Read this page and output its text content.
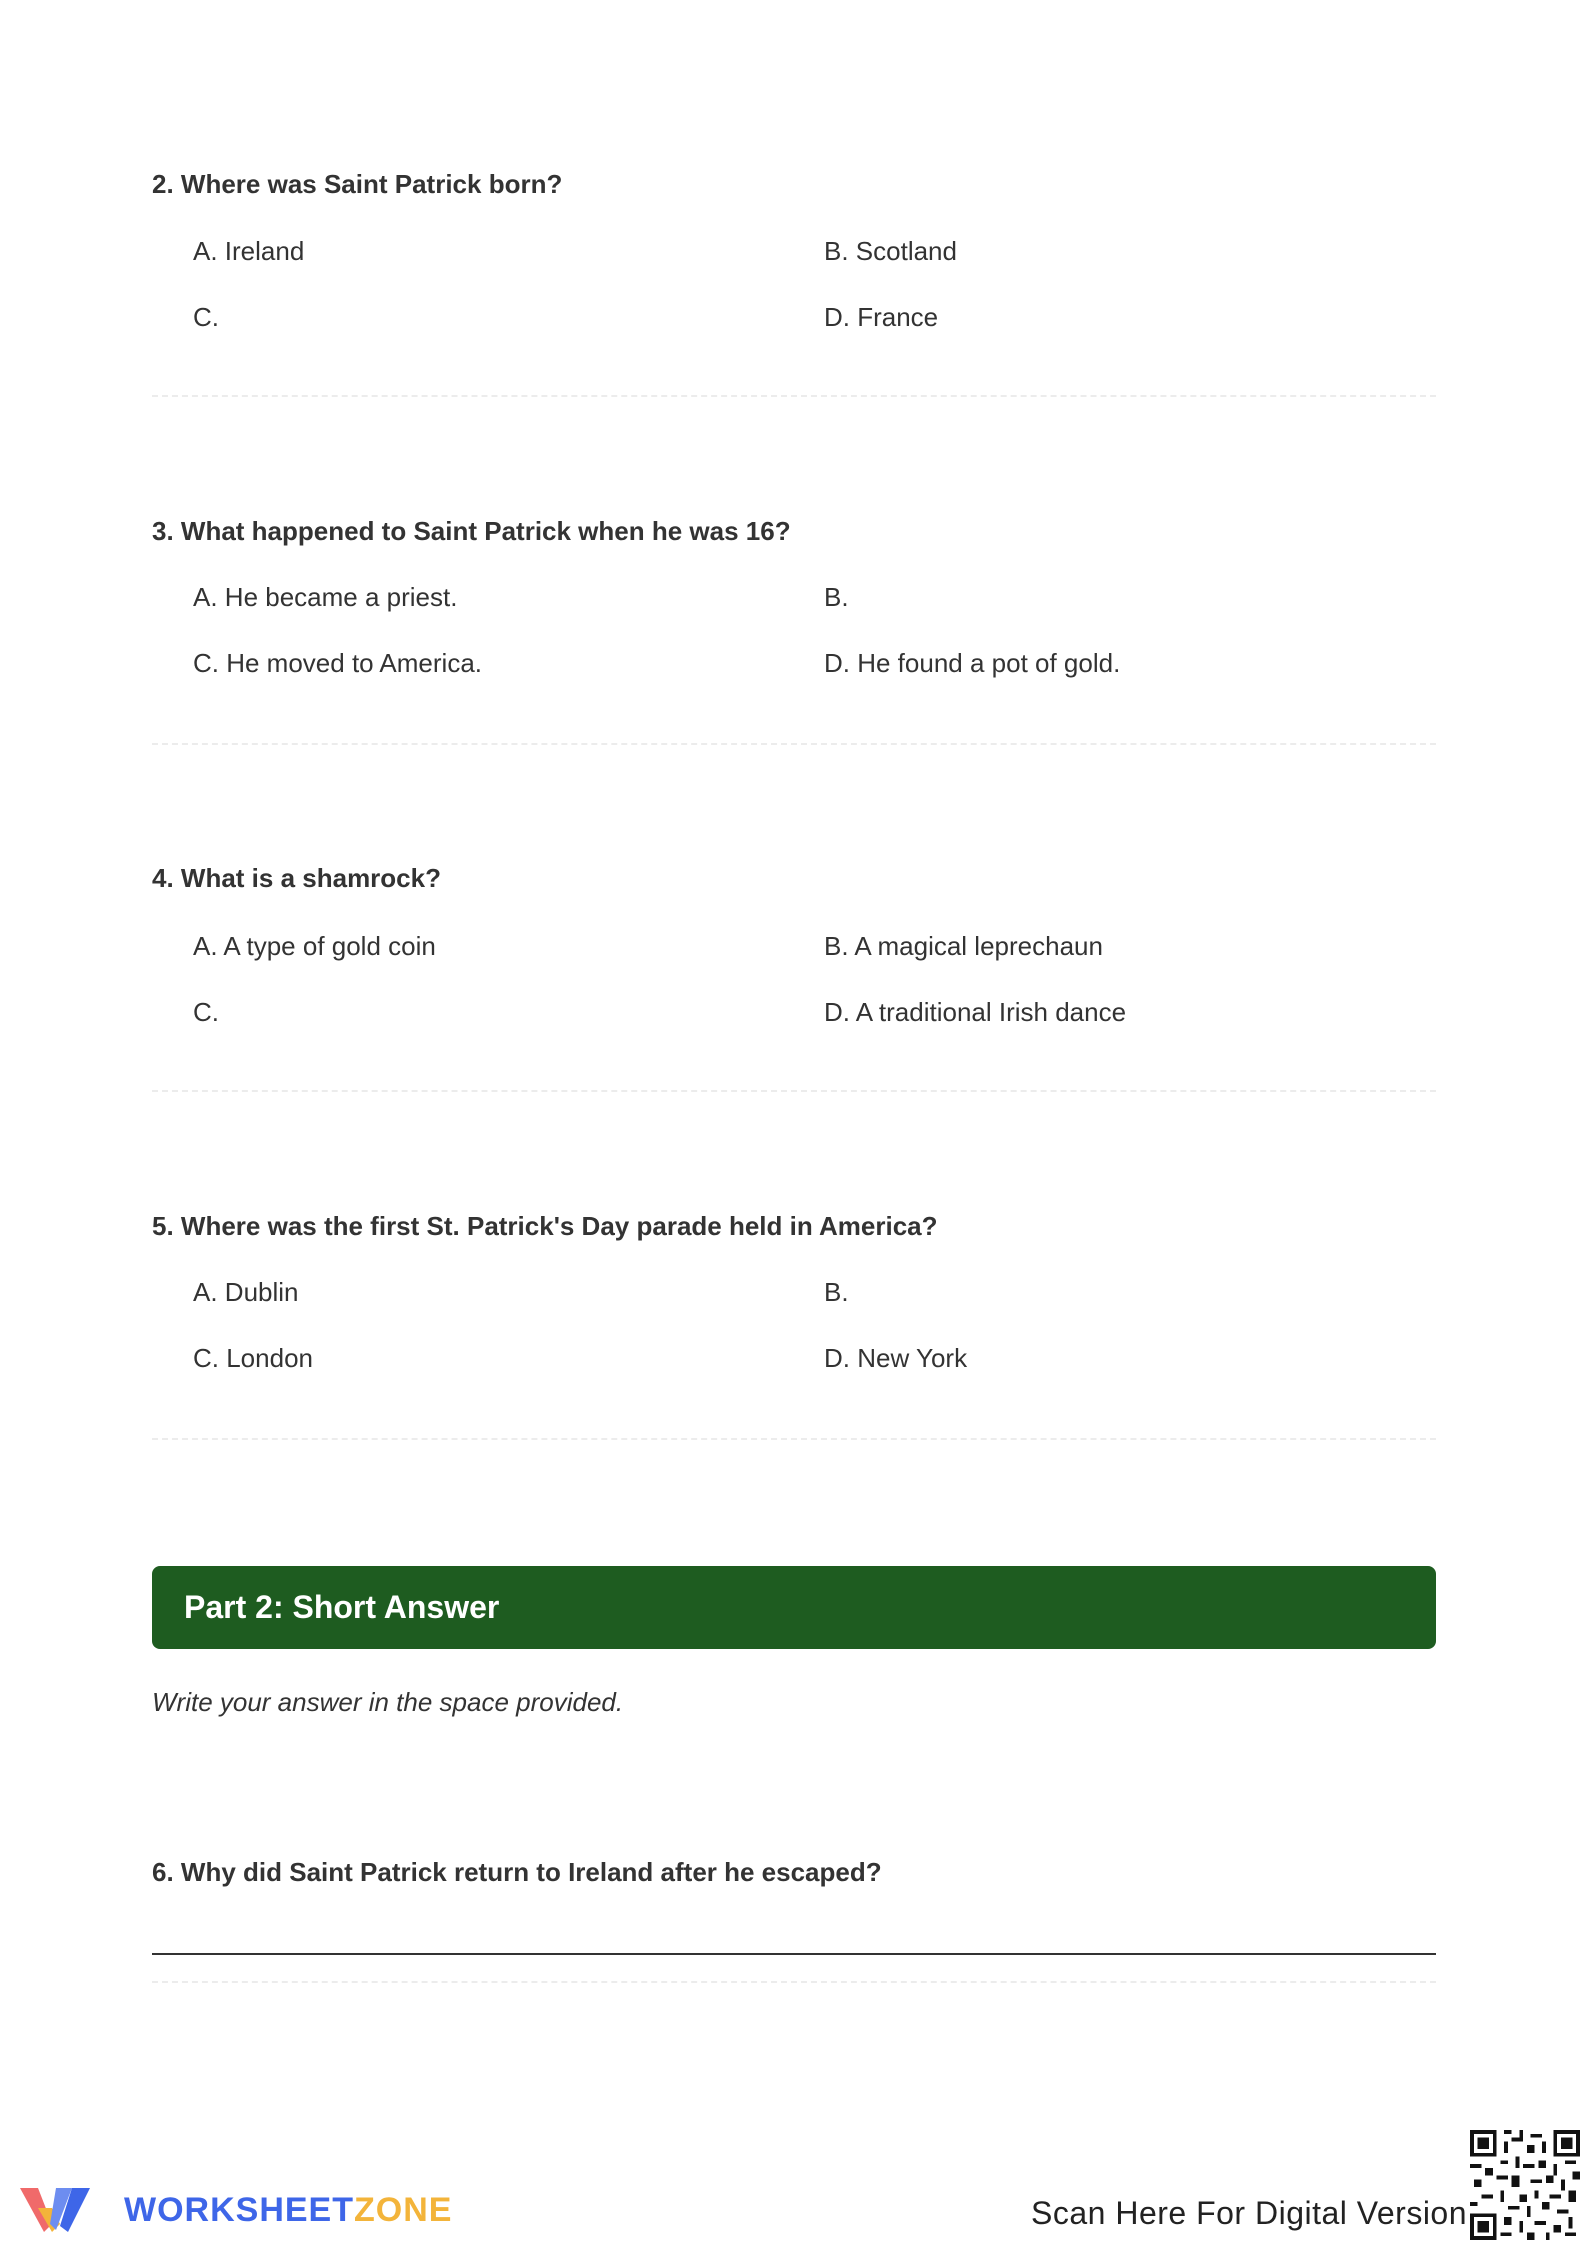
2. Where was Saint Patrick born?

A. Ireland	B. Scotland
C.	D. France

3. What happened to Saint Patrick when he was 16?

A. He became a priest.	B.
C. He moved to America.	D. He found a pot of gold.

4. What is a shamrock?

A. A type of gold coin	B. A magical leprechaun
C.	D. A traditional Irish dance

5. Where was the first St. Patrick's Day parade held in America?

A. Dublin	B.
C. London	D. New York
Part 2: Short Answer
Write your answer in the space provided.

6. Why did Saint Patrick return to Ireland after he escaped?

WORKSHEETZONE	Scan Here For Digital Version
